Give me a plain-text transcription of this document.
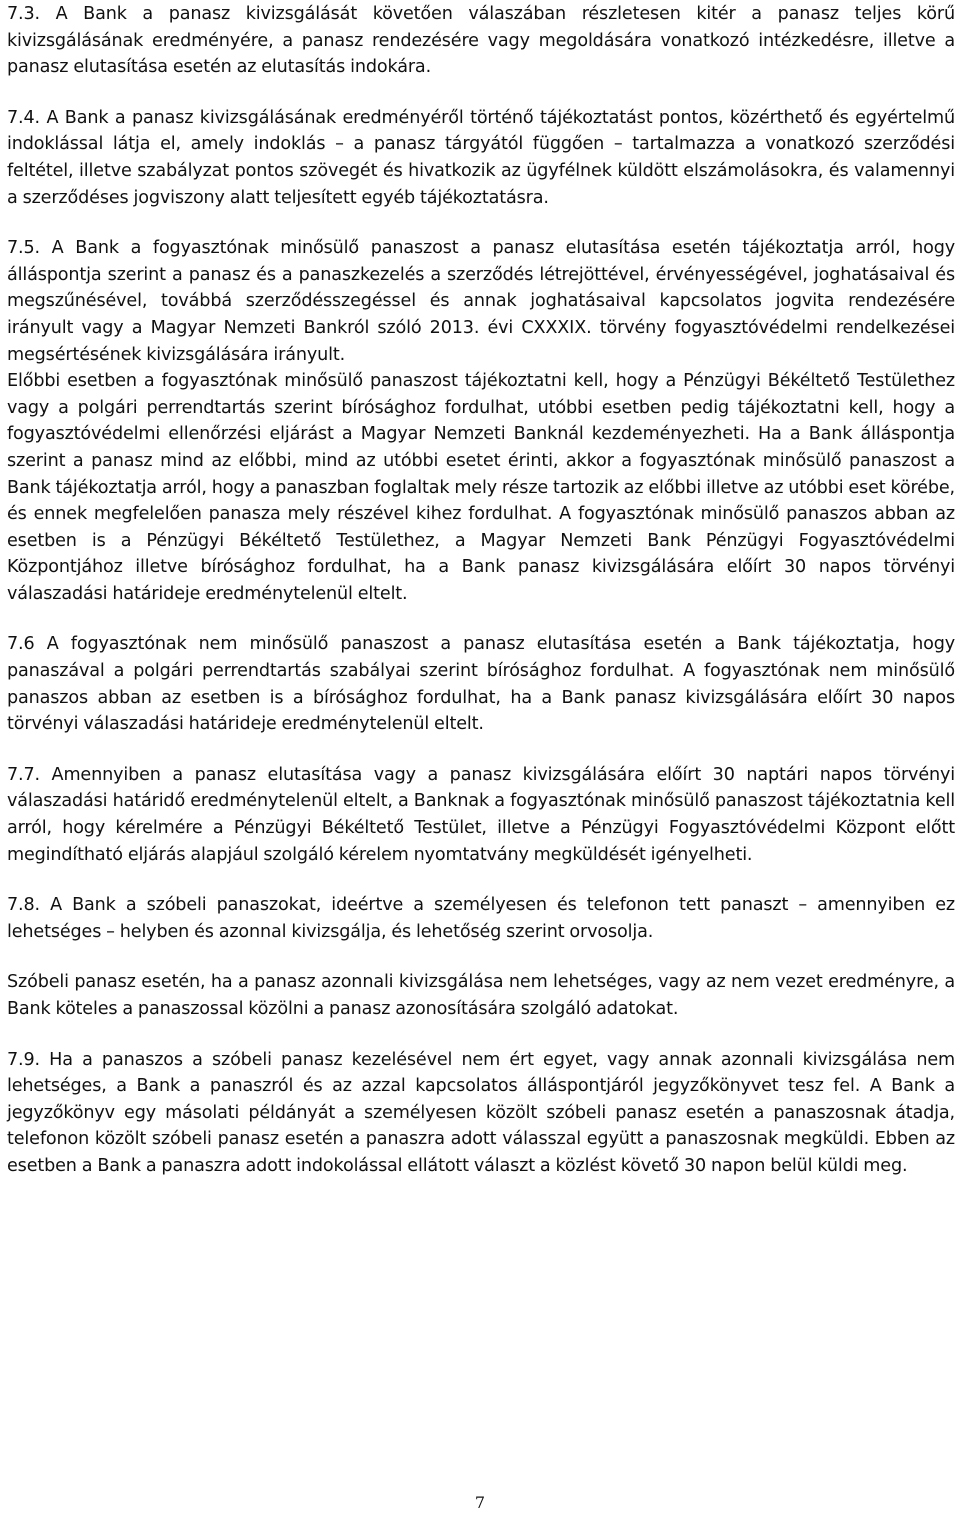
7.3. A Bank a panasz kivizsgálását követően válaszában részletesen kitér a panasz teljes körű kivizsgálásának eredményére, a panasz rendezésére vagy megoldására vonatkozó intézkedésre, illetve a panasz elutasítása esetén az elutasítás indokára.

7.4. A Bank a panasz kivizsgálásának eredményéről történő tájékoztatást pontos, közérthető és egyértelmű indoklással látja el, amely indoklás – a panasz tárgyától függően – tartalmazza a vonatkozó szerződési feltétel, illetve szabályzat pontos szövegét és hivatkozik az ügyfélnek küldött elszámolásokra, és valamennyi a szerződéses jogviszony alatt teljesített egyéb tájékoztatásra.

7.5. A Bank a fogyasztónak minősülő panaszost a panasz elutasítása esetén tájékoztatja arról, hogy álláspontja szerint a panasz és a panaszkezelés a szerződés létrejöttével, érvényességével, joghatásaival és megszűnésével, továbbá szerződésszegéssel és annak joghatásaival kapcsolatos jogvita rendezésére irányult vagy a Magyar Nemzeti Bankról szóló 2013. évi CXXXIX. törvény fogyasztóvédelmi rendelkezései megsértésének kivizsgálására irányult.

Előbbi esetben a fogyasztónak minősülő panaszost tájékoztatni kell, hogy a Pénzügyi Békéltető Testülethez vagy a polgári perrendtartás szerint bírósághoz fordulhat, utóbbi esetben pedig tájékoztatni kell, hogy a fogyasztóvédelmi ellenőrzési eljárást a Magyar Nemzeti Banknál kezdeményezheti. Ha a Bank álláspontja szerint a panasz mind az előbbi, mind az utóbbi esetet érinti, akkor a fogyasztónak minősülő panaszost a Bank tájékoztatja arról, hogy a panaszban foglaltak mely része tartozik az előbbi illetve az utóbbi eset körébe, és ennek megfelelően panasza mely részével kihez fordulhat. A fogyasztónak minősülő panaszos abban az esetben is a Pénzügyi Békéltető Testülethez, a Magyar Nemzeti Bank Pénzügyi Fogyasztóvédelmi Központjához illetve bírósághoz fordulhat, ha a Bank panasz kivizsgálására előírt 30 napos törvényi válaszadási határideje eredménytelenül eltelt.

7.6 A fogyasztónak nem minősülő panaszost a panasz elutasítása esetén a Bank tájékoztatja, hogy panaszával a polgári perrendtartás szabályai szerint bírósághoz fordulhat. A fogyasztónak nem minősülő panaszos abban az esetben is a bírósághoz fordulhat, ha a Bank panasz kivizsgálására előírt 30 napos törvényi válaszadási határideje eredménytelenül eltelt.

7.7. Amennyiben a panasz elutasítása vagy a panasz kivizsgálására előírt 30 naptári napos törvényi válaszadási határidő eredménytelenül eltelt, a Banknak a fogyasztónak minősülő panaszost tájékoztatnia kell arról, hogy kérelmére a Pénzügyi Békéltető Testület, illetve a Pénzügyi Fogyasztóvédelmi Központ előtt megindítható eljárás alapjául szolgáló kérelem nyomtatvány megküldését igényelheti.

7.8. A Bank a szóbeli panaszokat, ideértve a személyesen és telefonon tett panaszt – amennyiben ez lehetséges – helyben és azonnal kivizsgálja, és lehetőség szerint orvosolja.

Szóbeli panasz esetén, ha a panasz azonnali kivizsgálása nem lehetséges, vagy az nem vezet eredményre, a Bank köteles a panaszossal közölni a panasz azonosítására szolgáló adatokat.

7.9. Ha a panaszos a szóbeli panasz kezelésével nem ért egyet, vagy annak azonnali kivizsgálása nem lehetséges, a Bank a panaszról és az azzal kapcsolatos álláspontjáról jegyzőkönyvet tesz fel. A Bank a jegyzőkönyv egy másolati példányát a személyesen közölt szóbeli panasz esetén a panaszosnak átadja, telefonon közölt szóbeli panasz esetén a panaszra adott válasszal együtt a panaszosnak megküldi. Ebben az esetben a Bank a panaszra adott indokolással ellátott választ a közlést követő 30 napon belül küldi meg.

7
